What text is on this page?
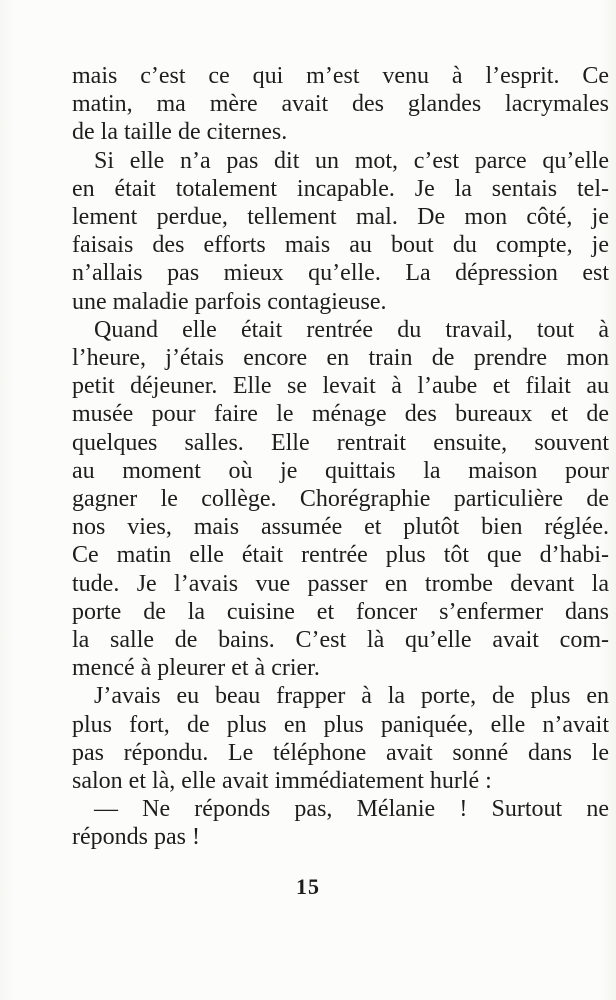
mais c’est ce qui m’est venu à l’esprit. Ce
matin, ma mère avait des glandes lacrymales
de la taille de citernes.
Si elle n’a pas dit un mot, c’est parce qu’elle
en était totalement incapable. Je la sentais tel-
lement perdue, tellement mal. De mon côté, je
faisais des efforts mais au bout du compte, je
n’allais pas mieux qu’elle. La dépression est
une maladie parfois contagieuse.
Quand elle était rentrée du travail, tout à
l’heure, j’étais encore en train de prendre mon
petit déjeuner. Elle se levait à l’aube et filait au
musée pour faire le ménage des bureaux et de
quelques salles. Elle rentrait ensuite, souvent
au moment où je quittais la maison pour
gagner le collège. Chorégraphie particulière de
nos vies, mais assumée et plutôt bien réglée.
Ce matin elle était rentrée plus tôt que d’habi-
tude. Je l’avais vue passer en trombe devant la
porte de la cuisine et foncer s’enfermer dans
la salle de bains. C’est là qu’elle avait com-
mencé à pleurer et à crier.
J’avais eu beau frapper à la porte, de plus en
plus fort, de plus en plus paniquée, elle n’avait
pas répondu. Le téléphone avait sonné dans le
salon et là, elle avait immédiatement hurlé :
— Ne réponds pas, Mélanie ! Surtout ne
réponds pas !
15
